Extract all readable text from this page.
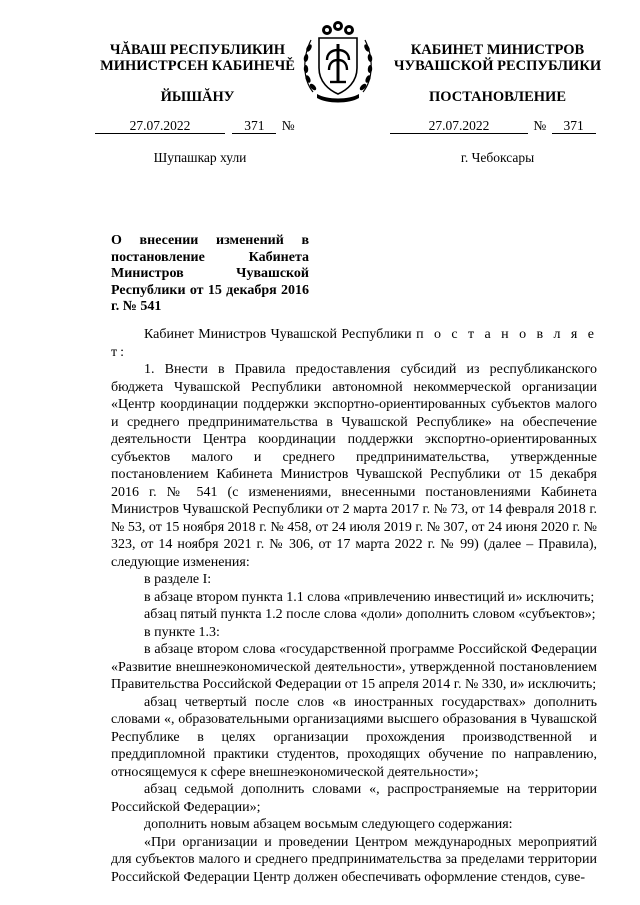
ЧĂВАШ РЕСПУБЛИКИН
МИНИСТРСЕН КАБИНЕЧĚ
ЙЫШĂНУ
КАБИНЕТ МИНИСТРОВ
ЧУВАШСКОЙ РЕСПУБЛИКИ
ПОСТАНОВЛЕНИЕ
27.07.2022	371 №	27.07.2022	№ 371
Шупашкар хули	г. Чебоксары
О внесении изменений в постановление Кабинета Министров Чувашской Республики от 15 декабря 2016 г. № 541

Кабинет Министров Чувашской Республики п о с т а н о в л я е т:

1. Внести в Правила предоставления субсидий из республиканского бюджета Чувашской Республики автономной некоммерческой организации «Центр координации поддержки экспортно-ориентированных субъектов малого и среднего предпринимательства в Чувашской Республике» на обеспечение деятельности Центра координации поддержки экспортно-ориентированных субъектов малого и среднего предпринимательства, утвержденные постановлением Кабинета Министров Чувашской Республики от 15 декабря 2016 г. № 541 (с изменениями, внесенными постановлениями Кабинета Министров Чувашской Республики от 2 марта 2017 г. № 73, от 14 февраля 2018 г. № 53, от 15 ноября 2018 г. № 458, от 24 июля 2019 г. № 307, от 24 июня 2020 г. № 323, от 14 ноября 2021 г. № 306, от 17 марта 2022 г. № 99) (далее – Правила), следующие изменения:

в разделе I:

в абзаце втором пункта 1.1 слова «привлечению инвестиций и» исключить;

абзац пятый пункта 1.2 после слова «доли» дополнить словом «субъектов»;

в пункте 1.3:

в абзаце втором слова «государственной программе Российской Федерации «Развитие внешнеэкономической деятельности», утвержденной постановлением Правительства Российской Федерации от 15 апреля 2014 г. № 330, и» исключить;

абзац четвертый после слов «в иностранных государствах» дополнить словами «, образовательными организациями высшего образования в Чувашской Республике в целях организации прохождения производственной и преддипломной практики студентов, проходящих обучение по направлению, относящемуся к сфере внешнеэкономической деятельности»;

абзац седьмой дополнить словами «, распространяемые на территории Российской Федерации»;

дополнить новым абзацем восьмым следующего содержания:

«При организации и проведении Центром международных мероприятий для субъектов малого и среднего предпринимательства за пределами территории Российской Федерации Центр должен обеспечивать оформление стендов, суве-
